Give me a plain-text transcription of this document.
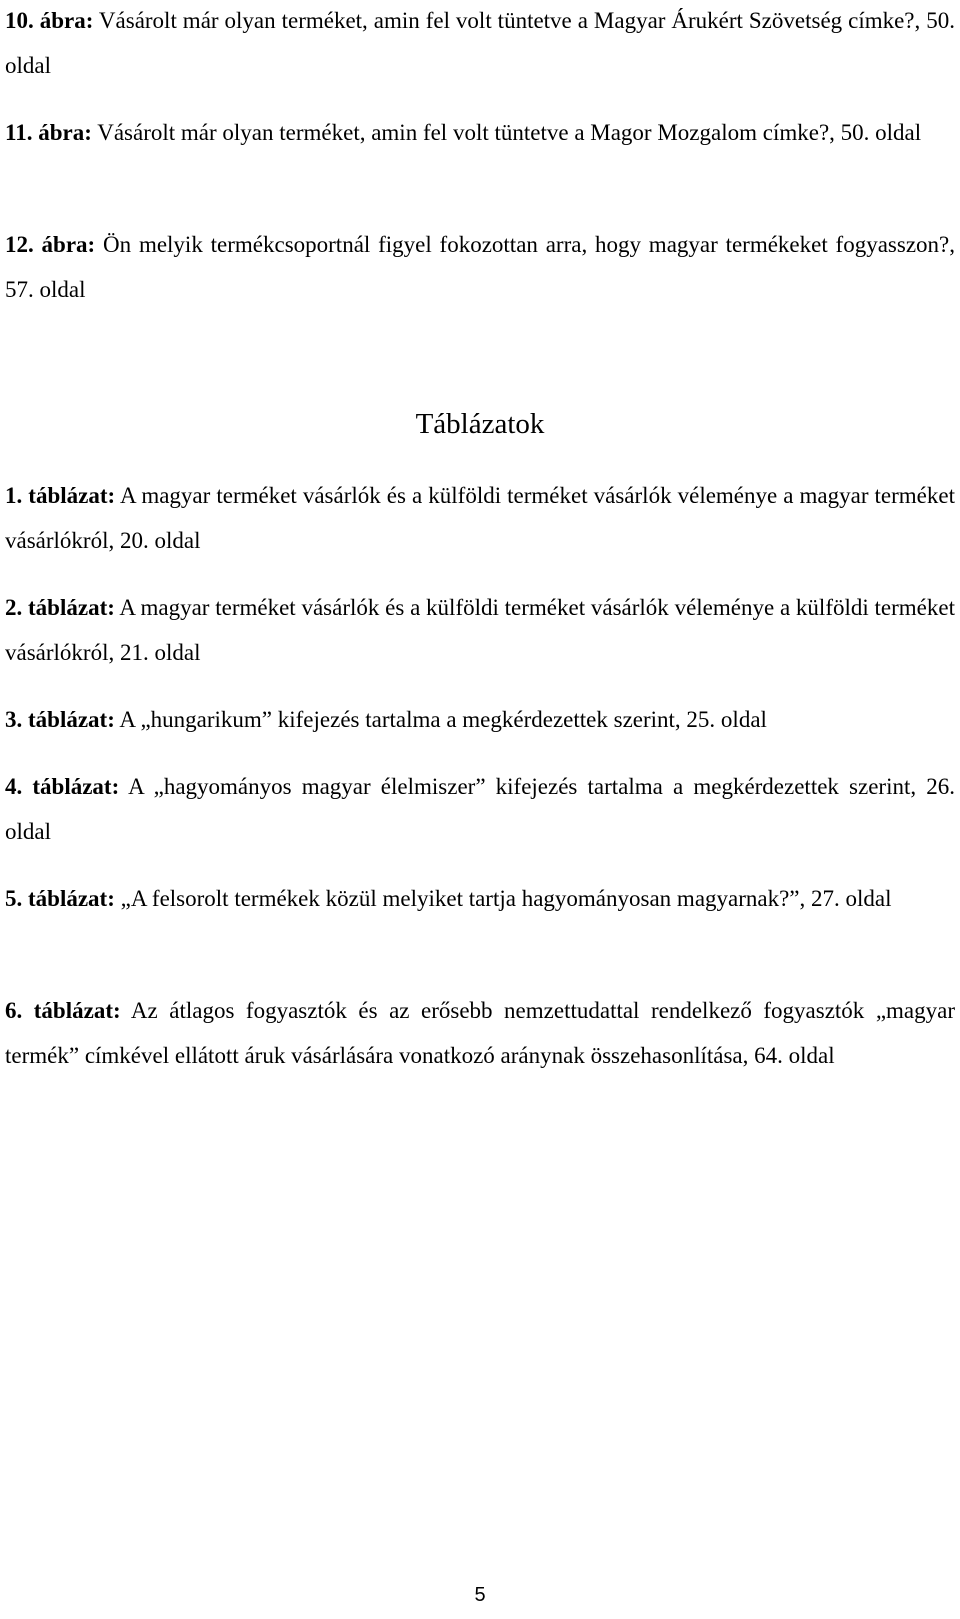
10. ábra: Vásárolt már olyan terméket, amin fel volt tüntetve a Magyar Árukért Szövetség címke?, 50. oldal

11. ábra: Vásárolt már olyan terméket, amin fel volt tüntetve a Magor Mozgalom címke?, 50. oldal

12. ábra: Ön melyik termékcsoportnál figyel fokozottan arra, hogy magyar termékeket fogyasszon?, 57. oldal

Táblázatok

1. táblázat: A magyar terméket vásárlók és a külföldi terméket vásárlók véleménye a magyar terméket vásárlókról, 20. oldal

2. táblázat: A magyar terméket vásárlók és a külföldi terméket vásárlók véleménye a külföldi terméket vásárlókról, 21. oldal

3. táblázat: A „hungarikum” kifejezés tartalma a megkérdezettek szerint, 25. oldal

4. táblázat: A „hagyományos magyar élelmiszer” kifejezés tartalma a megkérdezettek szerint, 26. oldal

5. táblázat: „A felsorolt termékek közül melyiket tartja hagyományosan magyarnak?”, 27. oldal

6. táblázat: Az átlagos fogyasztók és az erősebb nemzettudattal rendelkező fogyasztók „magyar termék” címkével ellátott áruk vásárlására vonatkozó aránynak összehasonlítása, 64. oldal

5
